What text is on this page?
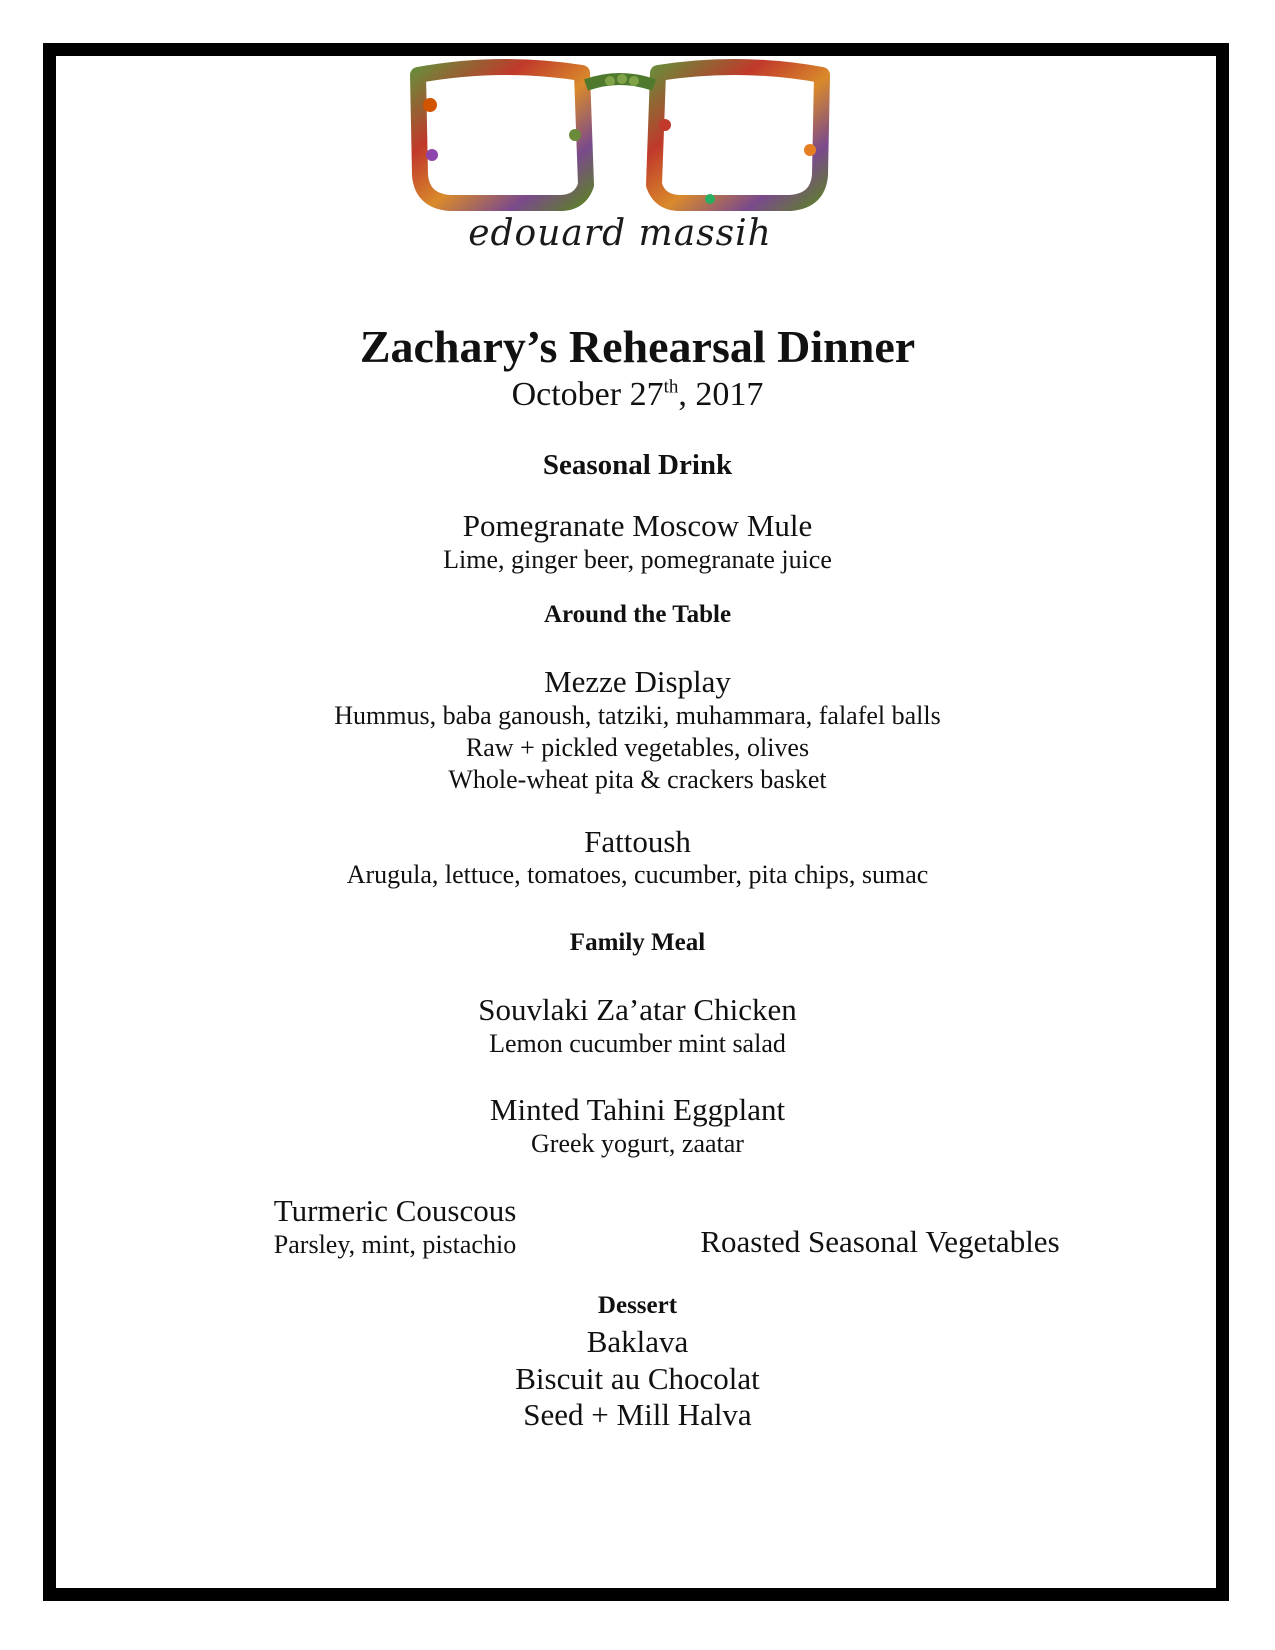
edouard massih
Zachary’s Rehearsal Dinner
October 27th, 2017
Seasonal Drink
Pomegranate Moscow Mule
Lime, ginger beer, pomegranate juice
Around the Table
Mezze Display
Hummus, baba ganoush, tatziki, muhammara, falafel balls
Raw + pickled vegetables, olives
Whole-wheat pita & crackers basket
Fattoush
Arugula, lettuce, tomatoes, cucumber, pita chips, sumac
Family Meal
Souvlaki Za’atar Chicken
Lemon cucumber mint salad
Minted Tahini Eggplant
Greek yogurt, zaatar
Turmeric Couscous
Parsley, mint, pistachio	Roasted Seasonal Vegetables
Dessert
Baklava
Biscuit au Chocolat
Seed + Mill Halva
